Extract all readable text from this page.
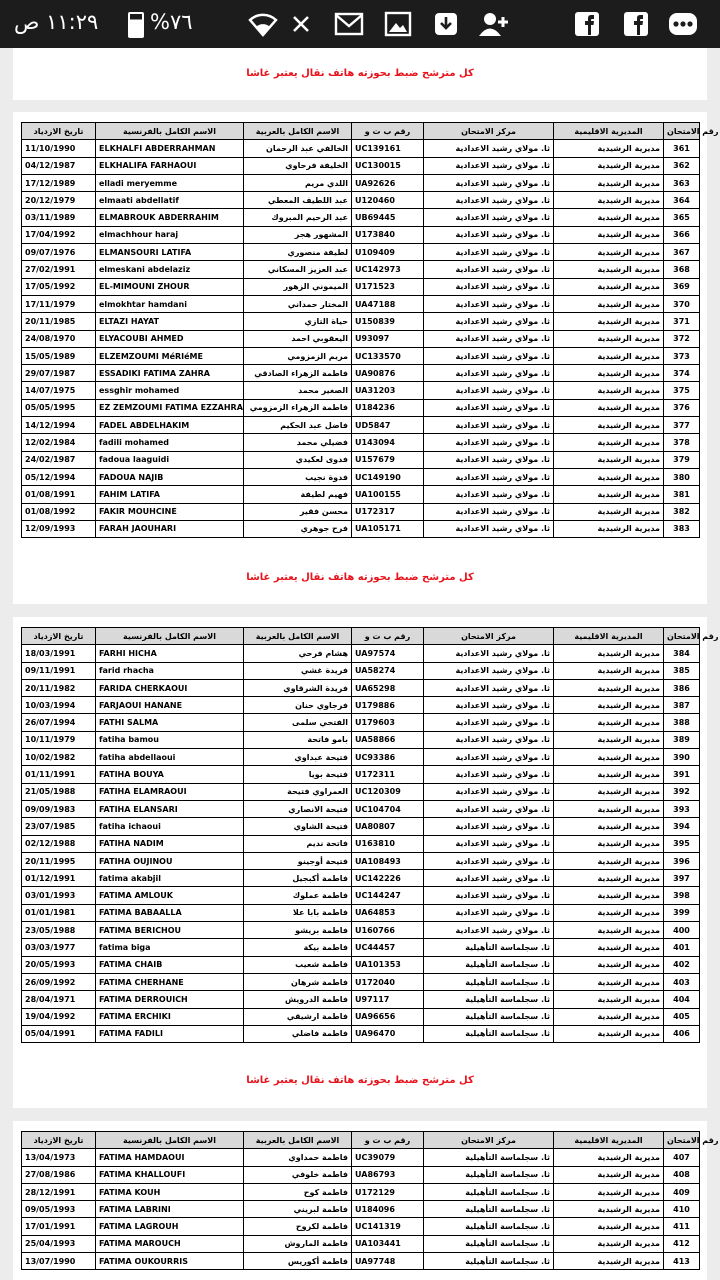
١١:٢٩ ص %٧٦
كل مترشح ضبط بحوزته هاتف نقال يعتبر غاشا
تاريخ الازدياد	الاسم الكامل بالفرنسية	الاسم الكامل بالعربية	رقم ب ت و	مركز الامتحان	المديرية الاقليمية	رقم الامتحان
11/10/1990	ELKHALFI ABDERRAHMAN	الخالفي عبد الرحمان	UC139161	ثا. مولاي رشيد الاعدادية	مديرية الرشيدية	361
04/12/1987	ELKHALIFA FARHAOUI	الخليفة فرحاوي	UC130015	ثا. مولاي رشيد الاعدادية	مديرية الرشيدية	362
17/12/1989	elladi meryemme	اللدي مريم	UA92626	ثا. مولاي رشيد الاعدادية	مديرية الرشيدية	363
20/12/1979	elmaati abdellatif	عبد اللطيف المعطي	U120460	ثا. مولاي رشيد الاعدادية	مديرية الرشيدية	364
03/11/1989	ELMABROUK ABDERRAHIM	عبد الرحيم المبروك	UB69445	ثا. مولاي رشيد الاعدادية	مديرية الرشيدية	365
17/04/1992	elmachhour haraj	المشهور هجر	U173840	ثا. مولاي رشيد الاعدادية	مديرية الرشيدية	366
09/07/1976	ELMANSOURI LATIFA	لطيفة منصوري	U109409	ثا. مولاي رشيد الاعدادية	مديرية الرشيدية	367
27/02/1991	elmeskani abdelaziz	عبد العزيز المسكاني	UC142973	ثا. مولاي رشيد الاعدادية	مديرية الرشيدية	368
17/05/1992	EL-MIMOUNI ZHOUR	الميموني الزهور	U171523	ثا. مولاي رشيد الاعدادية	مديرية الرشيدية	369
17/11/1979	elmokhtar hamdani	المختار حمداني	UA47188	ثا. مولاي رشيد الاعدادية	مديرية الرشيدية	370
20/11/1985	ELTAZI HAYAT	حياة التازي	U150839	ثا. مولاي رشيد الاعدادية	مديرية الرشيدية	371
24/08/1970	ELYACOUBI AHMED	اليعقوبي احمد	U93097	ثا. مولاي رشيد الاعدادية	مديرية الرشيدية	372
15/05/1989	ELZEMZOUMI MéRIéME	مريم الزمزومي	UC133570	ثا. مولاي رشيد الاعدادية	مديرية الرشيدية	373
29/07/1987	ESSADIKI FATIMA ZAHRA	فاطمة الزهراء الصادقي	UA90876	ثا. مولاي رشيد الاعدادية	مديرية الرشيدية	374
14/07/1975	essghir mohamed	الصغير محمد	UA31203	ثا. مولاي رشيد الاعدادية	مديرية الرشيدية	375
05/05/1995	EZ ZEMZOUMI FATIMA EZZAHRA	فاطمة الزهراء الزمزومي	U184236	ثا. مولاي رشيد الاعدادية	مديرية الرشيدية	376
14/12/1994	FADEL ABDELHAKIM	فاضل عبد الحكيم	UD5847	ثا. مولاي رشيد الاعدادية	مديرية الرشيدية	377
12/02/1984	fadili mohamed	فضيلي محمد	U143094	ثا. مولاي رشيد الاعدادية	مديرية الرشيدية	378
24/02/1987	fadoua laaguidi	فدوى لعكيدي	U157679	ثا. مولاي رشيد الاعدادية	مديرية الرشيدية	379
05/12/1994	FADOUA NAJIB	فدوة نجيب	UC149190	ثا. مولاي رشيد الاعدادية	مديرية الرشيدية	380
01/08/1991	FAHIM LATIFA	فهيم لطيفة	UA100155	ثا. مولاي رشيد الاعدادية	مديرية الرشيدية	381
01/08/1992	FAKIR MOUHCINE	محسن فقير	U172317	ثا. مولاي رشيد الاعدادية	مديرية الرشيدية	382
12/09/1993	FARAH JAOUHARI	فرح جوهري	UA105171	ثا. مولاي رشيد الاعدادية	مديرية الرشيدية	383
كل مترشح ضبط بحوزته هاتف نقال يعتبر غاشا
تاريخ الازدياد	الاسم الكامل بالفرنسية	الاسم الكامل بالعربية	رقم ب ت و	مركز الامتحان	المديرية الاقليمية	رقم الامتحان
18/03/1991	FARHI HICHA	هشام فرحي	UA97574	ثا. مولاي رشيد الاعدادية	مديرية الرشيدية	384
09/11/1991	farid rhacha	فريدة غشي	UA58274	ثا. مولاي رشيد الاعدادية	مديرية الرشيدية	385
20/11/1982	FARIDA CHERKAOUI	فريدة الشرقاوي	UA65298	ثا. مولاي رشيد الاعدادية	مديرية الرشيدية	386
10/03/1994	FARJAOUI HANANE	فرجاوي حنان	U179886	ثا. مولاي رشيد الاعدادية	مديرية الرشيدية	387
26/07/1994	FATHI SALMA	الفتحي سلمى	U179603	ثا. مولاي رشيد الاعدادية	مديرية الرشيدية	388
10/11/1979	fatiha bamou	بامو فاتحة	UA58866	ثا. مولاي رشيد الاعدادية	مديرية الرشيدية	389
10/02/1982	fatiha abdellaoui	فتيحة عبداوي	UC93386	ثا. مولاي رشيد الاعدادية	مديرية الرشيدية	390
01/11/1991	FATIHA BOUYA	فتيحة بويا	U172311	ثا. مولاي رشيد الاعدادية	مديرية الرشيدية	391
21/05/1988	FATIHA ELAMRAOUI	العمراوي فتيحة	UC120309	ثا. مولاي رشيد الاعدادية	مديرية الرشيدية	392
09/09/1983	FATIHA ELANSARI	فتيحة الانصاري	UC104704	ثا. مولاي رشيد الاعدادية	مديرية الرشيدية	393
23/07/1985	fatiha ichaoui	فتيحة الشاوي	UA80807	ثا. مولاي رشيد الاعدادية	مديرية الرشيدية	394
02/12/1988	FATIHA NADIM	فاتحة نديم	U163810	ثا. مولاي رشيد الاعدادية	مديرية الرشيدية	395
20/11/1995	FATIHA OUJINOU	فتيحة أوجينو	UA108493	ثا. مولاي رشيد الاعدادية	مديرية الرشيدية	396
01/12/1991	fatima akabjil	فاطمة أكبجيل	UC142226	ثا. مولاي رشيد الاعدادية	مديرية الرشيدية	397
03/01/1993	FATIMA AMLOUK	فاطمة عملوك	UC144247	ثا. مولاي رشيد الاعدادية	مديرية الرشيدية	398
01/01/1981	FATIMA BABAALLA	فاطمة بابا علا	UA64853	ثا. مولاي رشيد الاعدادية	مديرية الرشيدية	399
23/05/1988	FATIMA BERICHOU	فاطمة بريشو	U160766	ثا. مولاي رشيد الاعدادية	مديرية الرشيدية	400
03/03/1977	fatima biga	فاطمة بيكة	UC44457	ثا. سجلماسة التأهيلية	مديرية الرشيدية	401
20/05/1993	FATIMA CHAIB	فاطمة شعيب	UA101353	ثا. سجلماسة التأهيلية	مديرية الرشيدية	402
26/09/1992	FATIMA CHERHANE	فاطمة شرهان	U172040	ثا. سجلماسة التأهيلية	مديرية الرشيدية	403
28/04/1971	FATIMA DERROUICH	فاطمة الدرويش	U97117	ثا. سجلماسة التأهيلية	مديرية الرشيدية	404
19/04/1992	FATIMA ERCHIKI	فاطمة ارشيقي	UA96656	ثا. سجلماسة التأهيلية	مديرية الرشيدية	405
05/04/1991	FATIMA FADILI	فاطمة فاضلي	UA96470	ثا. سجلماسة التأهيلية	مديرية الرشيدية	406
كل مترشح ضبط بحوزته هاتف نقال يعتبر غاشا
تاريخ الازدياد	الاسم الكامل بالفرنسية	الاسم الكامل بالعربية	رقم ب ت و	مركز الامتحان	المديرية الاقليمية	رقم الامتحان
13/04/1973	FATIMA HAMDAOUI	فاطمة حمداوي	UC39079	ثا. سجلماسة التأهيلية	مديرية الرشيدية	407
27/08/1986	FATIMA KHALLOUFI	فاطمة خلوفي	UA86793	ثا. سجلماسة التأهيلية	مديرية الرشيدية	408
28/12/1991	FATIMA KOUH	فاطمة كوح	U172129	ثا. سجلماسة التأهيلية	مديرية الرشيدية	409
09/05/1993	FATIMA LABRINI	فاطمة لبريني	U184096	ثا. سجلماسة التأهيلية	مديرية الرشيدية	410
17/01/1991	FATIMA LAGROUH	فاطمة لكروح	UC141319	ثا. سجلماسة التأهيلية	مديرية الرشيدية	411
25/04/1993	FATIMA MAROUCH	فاطمة الماروش	UA103441	ثا. سجلماسة التأهيلية	مديرية الرشيدية	412
13/07/1990	FATIMA OUKOURRIS	فاطمة أكوريس	UA97748	ثا. سجلماسة التأهيلية	مديرية الرشيدية	413
